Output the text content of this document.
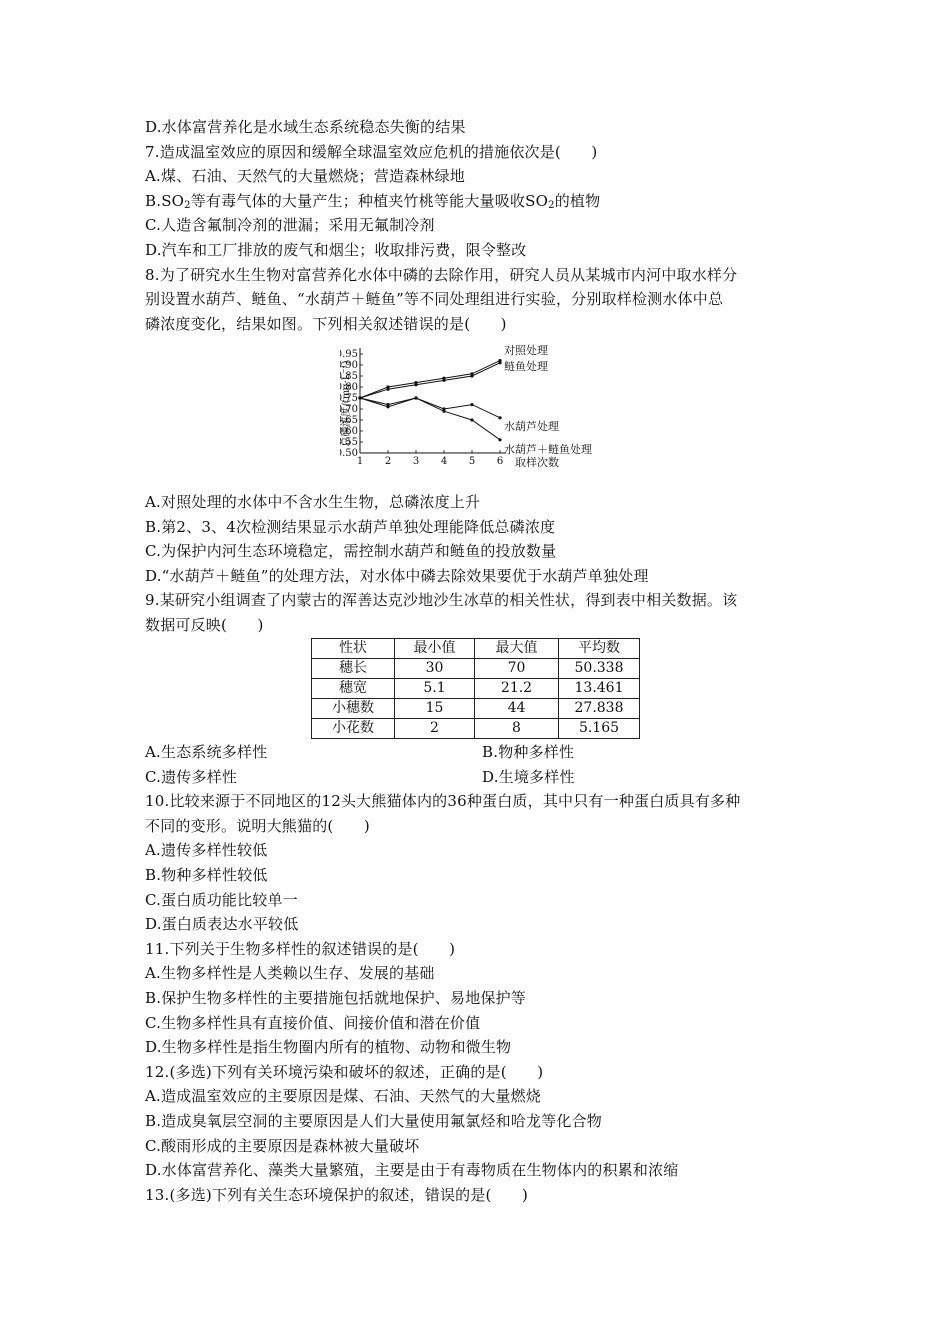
D.水体富营养化是水域生态系统稳态失衡的结果
7.造成温室效应的原因和缓解全球温室效应危机的措施依次是(　　)
A.煤、石油、天然气的大量燃烧；营造森林绿地
$B.SO_2$等有毒气体的大量产生；种植夹竹桃等能大量吸收$SO_2$的植物
C.人造含氟制冷剂的泄漏；采用无氟制冷剂
D.汽车和工厂排放的废气和烟尘；收取排污费，限令整改
8.为了研究水生生物对富营养化水体中磷的去除作用，研究人员从某城市内河中取水样分
别设置水葫芦、鲢鱼、“水葫芦＋鲢鱼”等不同处理组进行实验，分别取样检测水体中总
磷浓度变化，结果如图。下列相关叙述错误的是(　　)
.95
.90
.85
.80
.75
.70
.65
.60
.55
.50
1 2 3 4 5 6
总磷浓度/(mg·L⁻¹)
取样次数
对照处理
鲢鱼处理
水葫芦处理
水葫芦＋鲢鱼处理
A.对照处理的水体中不含水生生物，总磷浓度上升
B.第2、3、4次检测结果显示水葫芦单独处理能降低总磷浓度
C.为保护内河生态环境稳定，需控制水葫芦和鲢鱼的投放数量
D.“水葫芦＋鲢鱼”的处理方法，对水体中磷去除效果要优于水葫芦单独处理
9.某研究小组调查了内蒙古的浑善达克沙地沙生冰草的相关性状，得到表中相关数据。该
数据可反映(　　)
性状	最小值	最大值	平均数
穗长	30	70	50.338
穗宽	5.1	21.2	13.461
小穗数	15	44	27.838
小花数	2	8	5.165
A.生态系统多样性	B.物种多样性
C.遗传多样性	D.生境多样性
10.比较来源于不同地区的12头大熊猫体内的36种蛋白质，其中只有一种蛋白质具有多种
不同的变形。说明大熊猫的(　　)
A.遗传多样性较低
B.物种多样性较低
C.蛋白质功能比较单一
D.蛋白质表达水平较低
11.下列关于生物多样性的叙述错误的是(　　)
A.生物多样性是人类赖以生存、发展的基础
B.保护生物多样性的主要措施包括就地保护、易地保护等
C.生物多样性具有直接价值、间接价值和潜在价值
D.生物多样性是指生物圈内所有的植物、动物和微生物
12.(多选)下列有关环境污染和破坏的叙述，正确的是(　　)
A.造成温室效应的主要原因是煤、石油、天然气的大量燃烧
B.造成臭氧层空洞的主要原因是人们大量使用氟氯烃和哈龙等化合物
C.酸雨形成的主要原因是森林被大量破坏
D.水体富营养化、藻类大量繁殖，主要是由于有毒物质在生物体内的积累和浓缩
13.(多选)下列有关生态环境保护的叙述，错误的是(　　)
